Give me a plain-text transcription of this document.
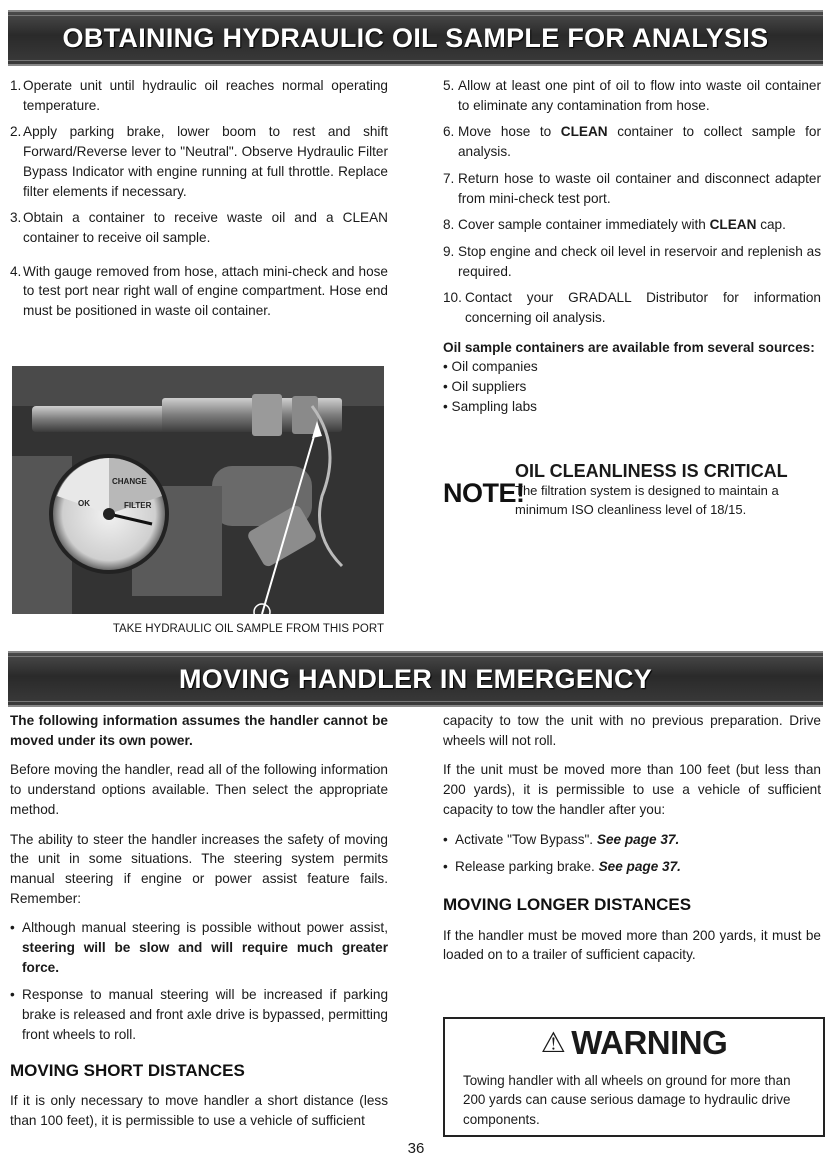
OBTAINING HYDRAULIC OIL SAMPLE FOR ANALYSIS
1. Operate unit until hydraulic oil reaches normal operating temperature.
2. Apply parking brake, lower boom to rest and shift Forward/Reverse lever to "Neutral". Observe Hydraulic Filter Bypass Indicator with engine running at full throttle. Replace filter elements if necessary.
3. Obtain a container to receive waste oil and a CLEAN container to receive oil sample.
4. With gauge removed from hose, attach mini-check and hose to test port near right wall of engine compartment. Hose end must be positioned in waste oil container.
CHANGE
OK	FILTER
TAKE HYDRAULIC OIL SAMPLE FROM THIS PORT
5. Allow at least one pint of oil to flow into waste oil container to eliminate any contamination from hose.
6. Move hose to CLEAN container to collect sample for analysis.
7. Return hose to waste oil container and disconnect adapter from mini-check test port.
8. Cover sample container immediately with CLEAN cap.
9. Stop engine and check oil level in reservoir and replenish as required.
10. Contact your GRADALL Distributor for information concerning oil analysis.
Oil sample containers are available from several sources:
• Oil companies
• Oil suppliers
• Sampling labs
NOTE!
OIL CLEANLINESS IS CRITICAL
The filtration system is designed to maintain a minimum ISO cleanliness level of 18/15.
MOVING HANDLER IN EMERGENCY

The following information assumes the handler cannot be moved under its own power.

Before moving the handler, read all of the following information to understand options available. Then select the appropriate method.

The ability to steer the handler increases the safety of moving the unit in some situations. The steering system permits manual steering if engine or power assist feature fails. Remember:

• Although manual steering is possible without power assist, steering will be slow and will require much greater force.
• Response to manual steering will be increased if parking brake is released and front axle drive is bypassed, permitting front wheels to roll.
MOVING SHORT DISTANCES

If it is only necessary to move handler a short distance (less than 100 feet), it is permissible to use a vehicle of sufficient

capacity to tow the unit with no previous preparation. Drive wheels will not roll.

If the unit must be moved more than 100 feet (but less than 200 yards), it is permissible to use a vehicle of sufficient capacity to tow the handler after you:

• Activate "Tow Bypass". See page 37.
• Release parking brake. See page 37.
MOVING LONGER DISTANCES

If the handler must be moved more than 200 yards, it must be loaded on to a trailer of sufficient capacity.

⚠ WARNING
Towing handler with all wheels on ground for more than 200 yards can cause serious damage to hydraulic drive components.
36
